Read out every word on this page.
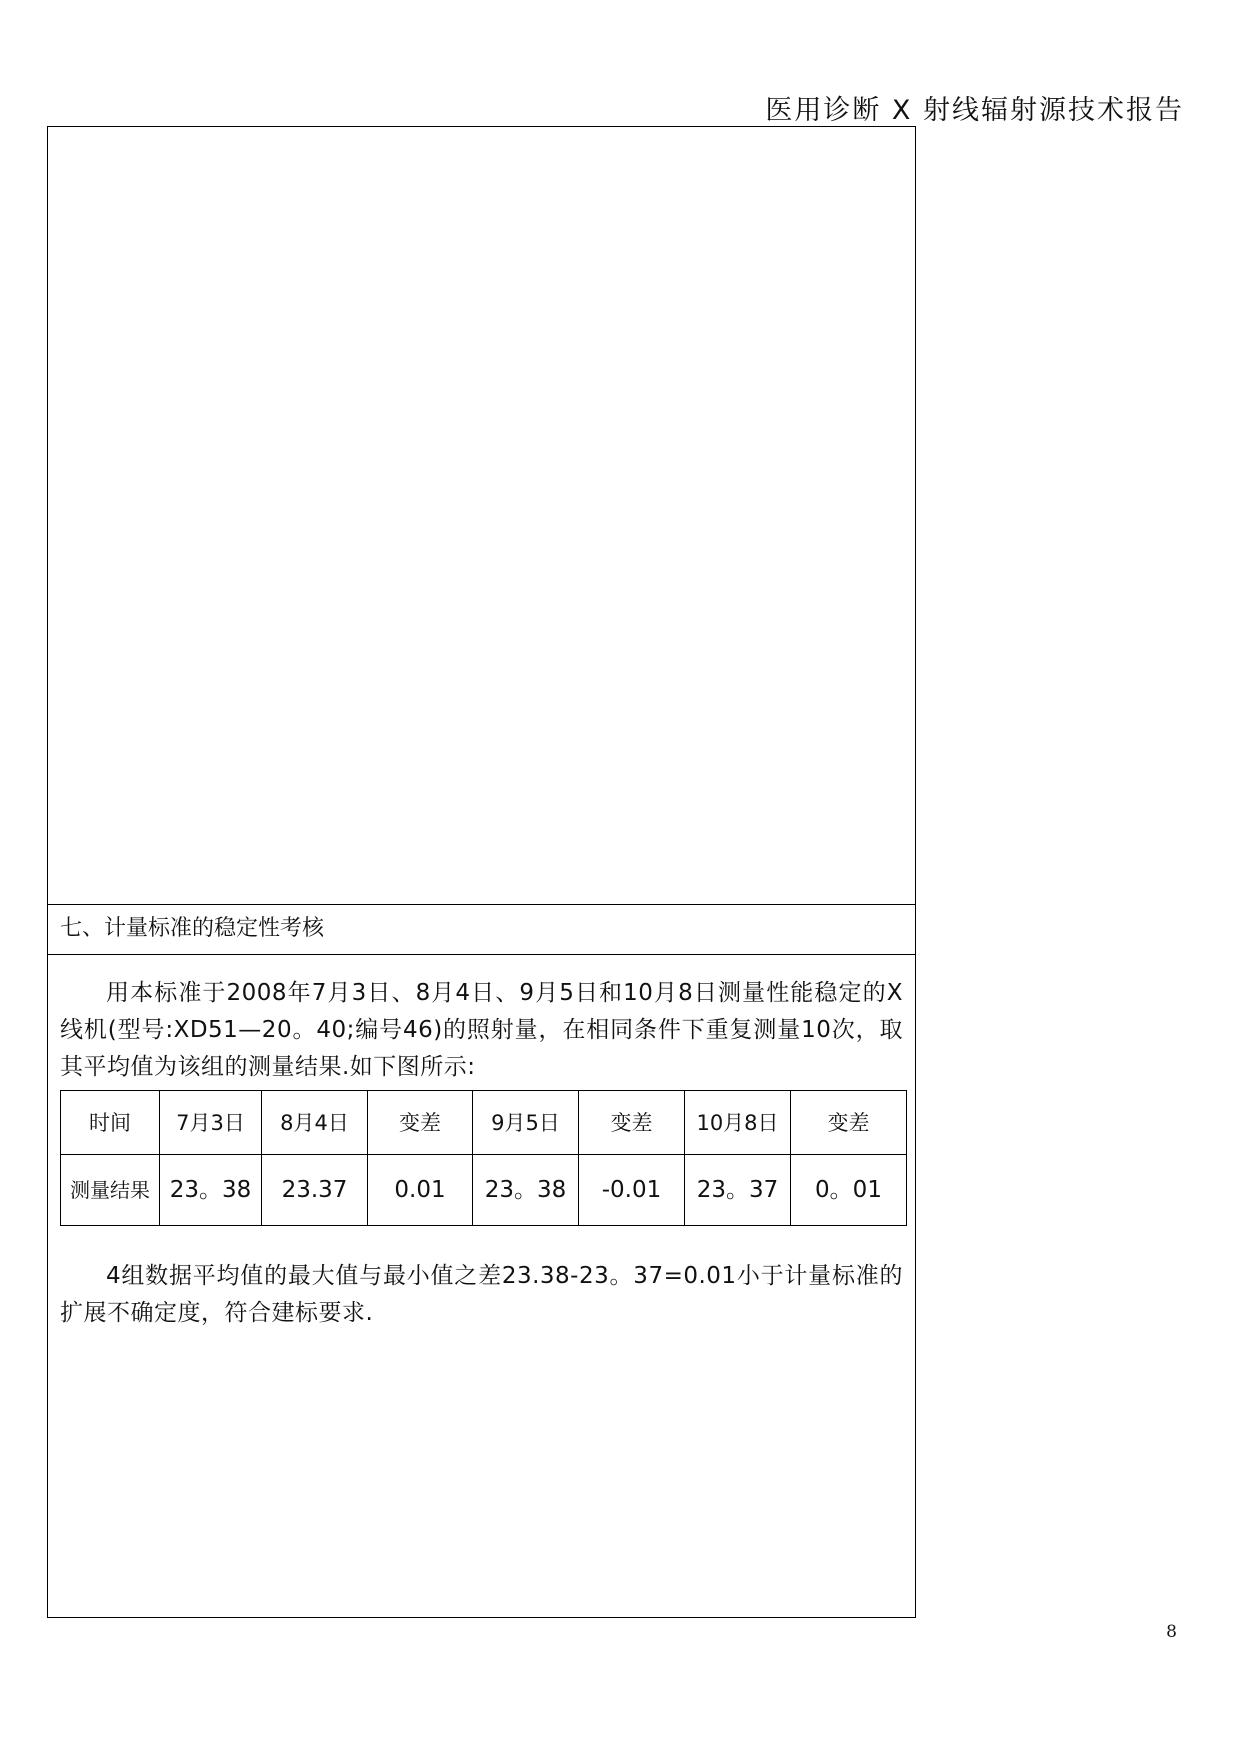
医用诊断 X 射线辐射源技术报告
七、计量标准的稳定性考核

用本标准于2008年7月3日、8月4日、9月5日和10月8日测量性能稳定的X线机(型号:XD51—20。40;编号46)的照射量，在相同条件下重复测量10次，取其平均值为该组的测量结果.如下图所示:

时间	7月3日	8月4日	变差	9月5日	变差	10月8日	变差
测量结果	23。38	23.37	0.01	23。38	-0.01	23。37	0。01

4组数据平均值的最大值与最小值之差23.38-23。37=0.01小于计量标准的扩展不确定度，符合建标要求.

8
